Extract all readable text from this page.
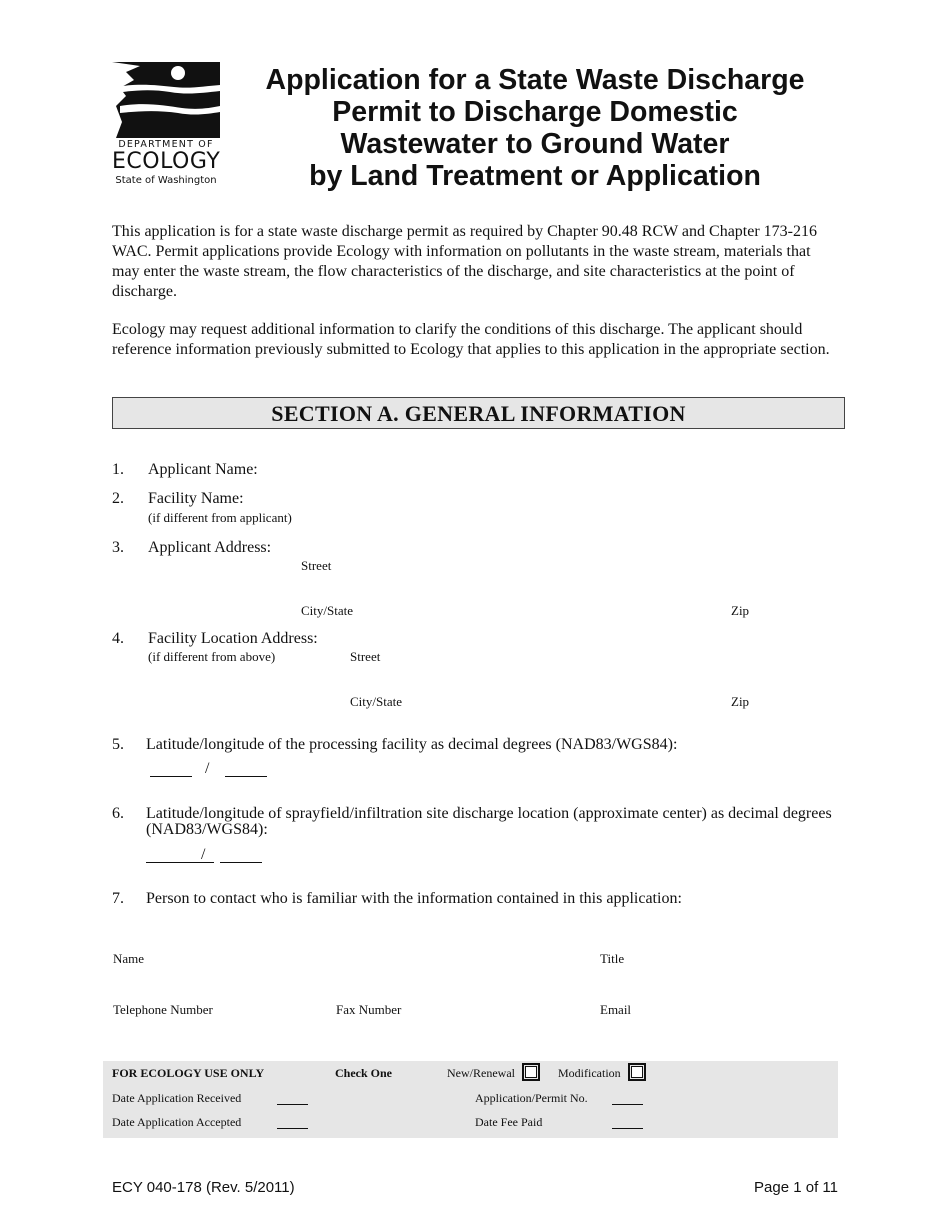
DEPARTMENT OF
ECOLOGY
State of Washington
Application for a State Waste Discharge
Permit to Discharge Domestic
Wastewater to Ground Water
by Land Treatment or Application
This application is for a state waste discharge permit as required by Chapter 90.48 RCW and Chapter 173-216 WAC. Permit applications provide Ecology with information on pollutants in the waste stream, materials that may enter the waste stream, the flow characteristics of the discharge, and site characteristics at the point of discharge.
Ecology may request additional information to clarify the conditions of this discharge. The applicant should reference information previously submitted to Ecology that applies to this application in the appropriate section.
SECTION A. GENERAL INFORMATION
1. Applicant Name:
2. Facility Name:
(if different from applicant)
3. Applicant Address:
Street
City/State	Zip
4. Facility Location Address:
(if different from above)	Street
City/State	Zip
5. Latitude/longitude of the processing facility as decimal degrees (NAD83/WGS84):
/
6. Latitude/longitude of sprayfield/infiltration site discharge location (approximate center) as decimal degrees
(NAD83/WGS84):
/
7. Person to contact who is familiar with the information contained in this application:
Name	Title
Telephone Number	Fax Number	Email
FOR ECOLOGY USE ONLY	Check One	New/Renewal	Modification
Date Application Received	Application/Permit No.
Date Application Accepted	Date Fee Paid
ECY 040-178 (Rev. 5/2011)	Page 1 of 11
